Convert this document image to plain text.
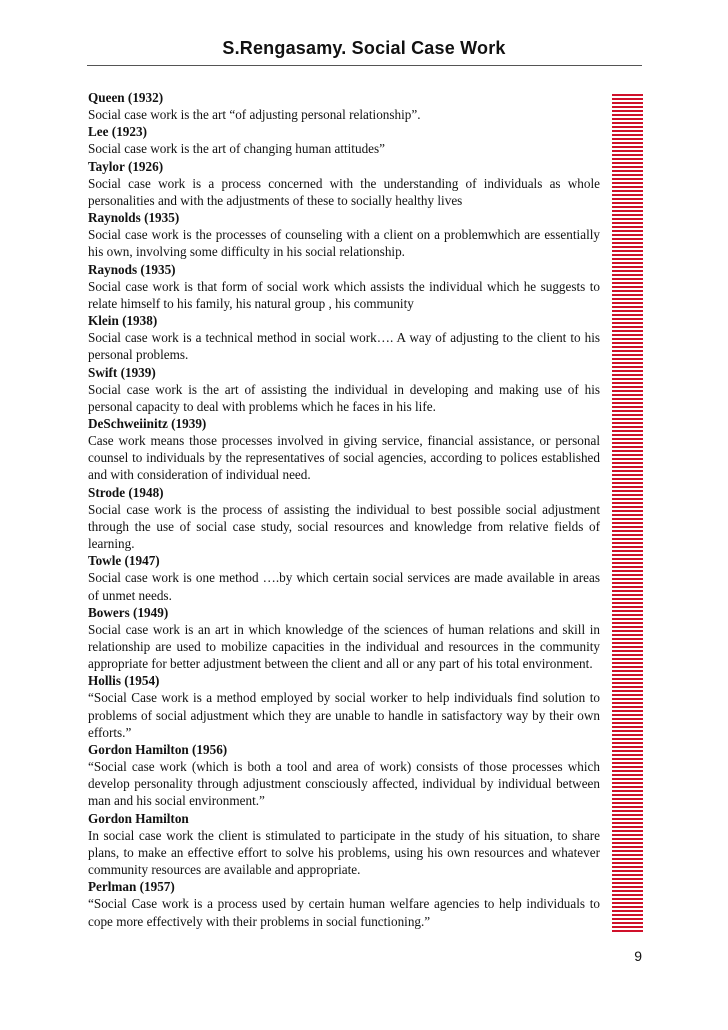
S.Rengasamy. Social Case Work
Queen (1932)
Social case work is the art “of adjusting personal relationship”.
Lee (1923)
Social case work is the art of changing human attitudes”
Taylor (1926)
Social case work is a process concerned with the understanding of individuals as whole personalities and with the adjustments of these to socially healthy lives
Raynolds (1935)
Social case work is the processes of counseling with a client on a problemwhich are essentially his own, involving some difficulty in his social relationship.
Raynods (1935)
Social case work is that form of social work which assists the individual which he suggests to relate himself to his family, his natural group , his community
Klein (1938)
Social case work is a technical method in social work…. A way of adjusting to the client to his personal problems.
Swift (1939)
Social case work is the art of assisting the individual in developing and making use of his personal capacity to deal with problems which he faces in his life.
DeSchweiinitz (1939)
Case work means those processes involved in giving service, financial assistance, or personal counsel to individuals by the representatives of social agencies, according to polices established and with consideration of individual need.
Strode (1948)
Social case work is the process of assisting the individual to best possible social adjustment through the use of social case study, social resources and knowledge from relative fields of learning.
Towle (1947)
Social case work is one method ….by which certain social services are made available in areas of unmet needs.
Bowers (1949)
Social case work is an art in which knowledge of the sciences of human relations and skill in relationship are used to mobilize capacities in the individual and resources in the community appropriate for better adjustment between the client and all or any part of his total environment.
Hollis (1954)
“Social Case work is a method employed by social worker to help individuals find solution to problems of social adjustment which they are unable to handle in satisfactory way by their own efforts.”
Gordon Hamilton (1956)
“Social case work (which is both a tool and area of work) consists of those processes which develop personality through adjustment consciously affected, individual by individual between man and his social environment.”
Gordon Hamilton
In social case work the client is stimulated to participate in the study of his situation, to share plans, to make an effective effort to solve his problems, using his own resources and whatever community resources are available and appropriate.
Perlman (1957)
“Social Case work is a process used by certain human welfare agencies to help individuals to cope more effectively with their problems in social functioning.”
9
